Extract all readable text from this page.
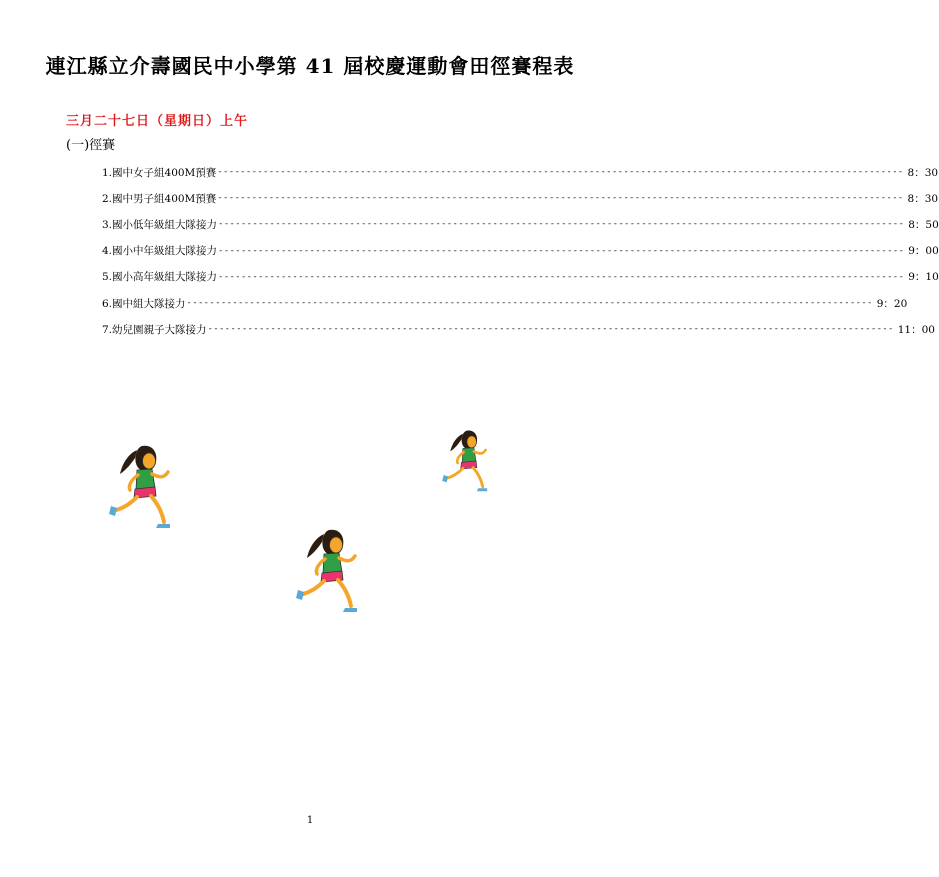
連江縣立介壽國民中小學第 41 屆校慶運動會田徑賽程表
三月二十七日（星期日）上午
(一)徑賽
1.國中女子組400M預賽 ------------------------------------------------------------------------------------------------------------------------ 8：30
2.國中男子組400M預賽 ------------------------------------------------------------------------------------------------------------------------ 8：30
3.國小低年級組大隊接力 ------------------------------------------------------------------------------------------------------------------------ 8：50
4.國小中年級組大隊接力 ------------------------------------------------------------------------------------------------------------------------ 9：00
5.國小高年級組大隊接力 ------------------------------------------------------------------------------------------------------------------------ 9：10
6.國中組大隊接力 ------------------------------------------------------------------------------------------------------------------------ 9：20
7.幼兒園親子大隊接力 ------------------------------------------------------------------------------------------------------------------------ 11：00
1
